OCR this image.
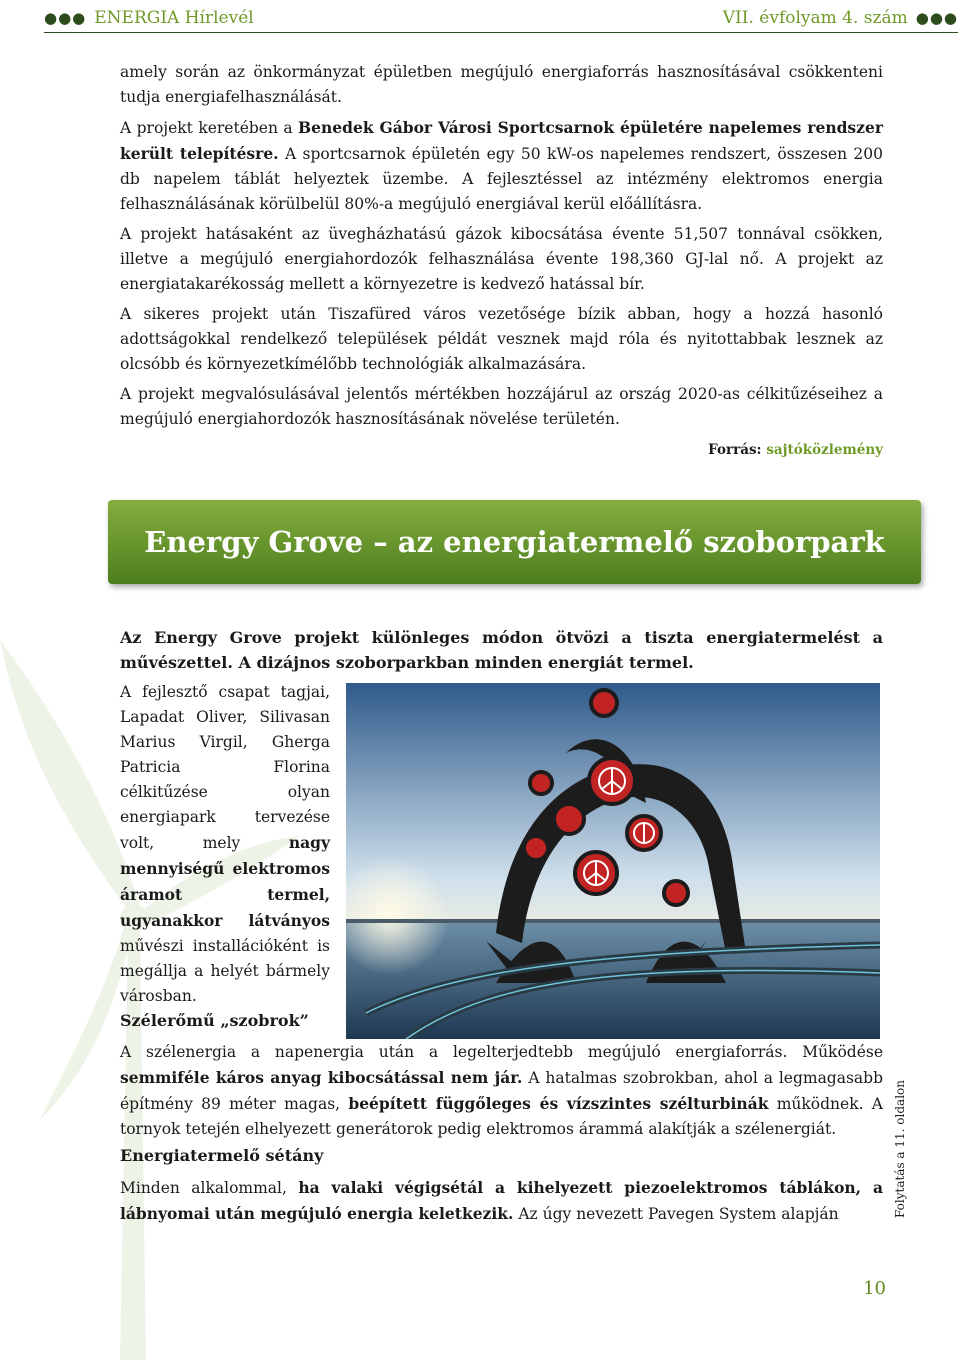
●●● ENERGIA Hírlevél	VII. évfolyam 4. szám ●●●

amely során az önkormányzat épületben megújuló energiaforrás hasznosításával csökkenteni tudja energiafelhasználását.

A projekt keretében a Benedek Gábor Városi Sportcsarnok épületére napelemes rendszer került telepítésre. A sportcsarnok épületén egy 50 kW-os napelemes rendszert, összesen 200 db napelem táblát helyeztek üzembe. A fejlesztéssel az intézmény elektromos energia felhasználásának körülbelül 80%-a megújuló energiával kerül előállításra.

A projekt hatásaként az üvegházhatású gázok kibocsátása évente 51,507 tonnával csökken, illetve a megújuló energiahordozók felhasználása évente 198,360 GJ-lal nő. A projekt az energiatakarékosság mellett a környezetre is kedvező hatással bír.

A sikeres projekt után Tiszafüred város vezetősége bízik abban, hogy a hozzá hasonló adottságokkal rendelkező települések példát vesznek majd róla és nyitottabbak lesznek az olcsóbb és környezetkímélőbb technológiák alkalmazására.

A projekt megvalósulásával jelentős mértékben hozzájárul az ország 2020-as célkitűzéseihez a megújuló energiahordozók hasznosításának növelése területén.

Forrás: sajtóközlemény
Energy Grove – az energiatermelő szoborpark

Az Energy Grove projekt különleges módon ötvözi a tiszta energiatermelést a művészettel. A dizájnos szoborparkban minden energiát termel.

A fejlesztő csapat tagjai, Lapadat Oliver, Silivasan Marius Virgil, Gherga Patricia Florina célkitűzése olyan energiapark tervezése volt, mely nagy mennyiségű elektromos áramot termel, ugyanakkor látványos művészi installációként is megállja a helyét bármely városban.

Szélerőmű „szobrok”

A szélenergia a napenergia után a legelterjedtebb megújuló energiaforrás. Működése semmiféle káros anyag kibocsátással nem jár. A hatalmas szobrokban, ahol a legmagasabb építmény 89 méter magas, beépített függőleges és vízszintes szélturbinák működnek. A tornyok tetején elhelyezett generátorok pedig elektromos árammá alakítják a szélenergiát.

Energiatermelő sétány

Minden alkalommal, ha valaki végigsétál a kihelyezett piezoelektromos táblákon, a lábnyomai után megújuló energia keletkezik. Az úgy nevezett Pavegen System alapján	Folytatás a 11. oldalon
10
